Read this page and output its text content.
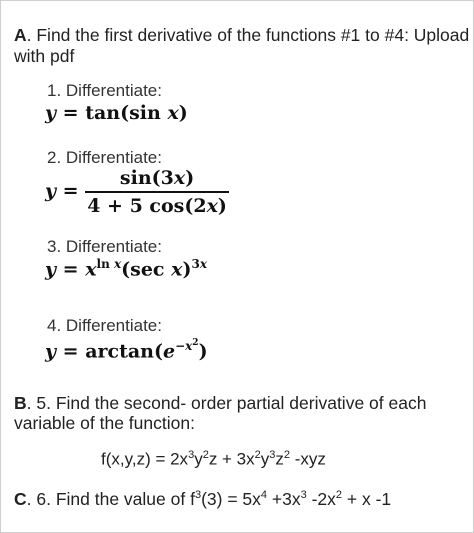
A. Find the first derivative of the functions #1 to #4: Upload
with pdf
1. Differentiate:
y = tan(sin x)
2. Differentiate:
$y = \frac{\sin(3x)}{4 + 5 \cos(2x)}$
3. Differentiate:
$y = x^{ln x}(\sec$ x)$^{3x}$
4. Differentiate:
$y = \arctan(e^{-x^2})$
B. 5. Find the second- order partial derivative of each
variable of the function:
$f(x,y,z) = 2x^3y^2z + 3x^2y^3z^2$ -xyz
C. 6. Find the value of $f^3(3) = 5x^4 +3x^3$ $-2x^2 + x$ -1
